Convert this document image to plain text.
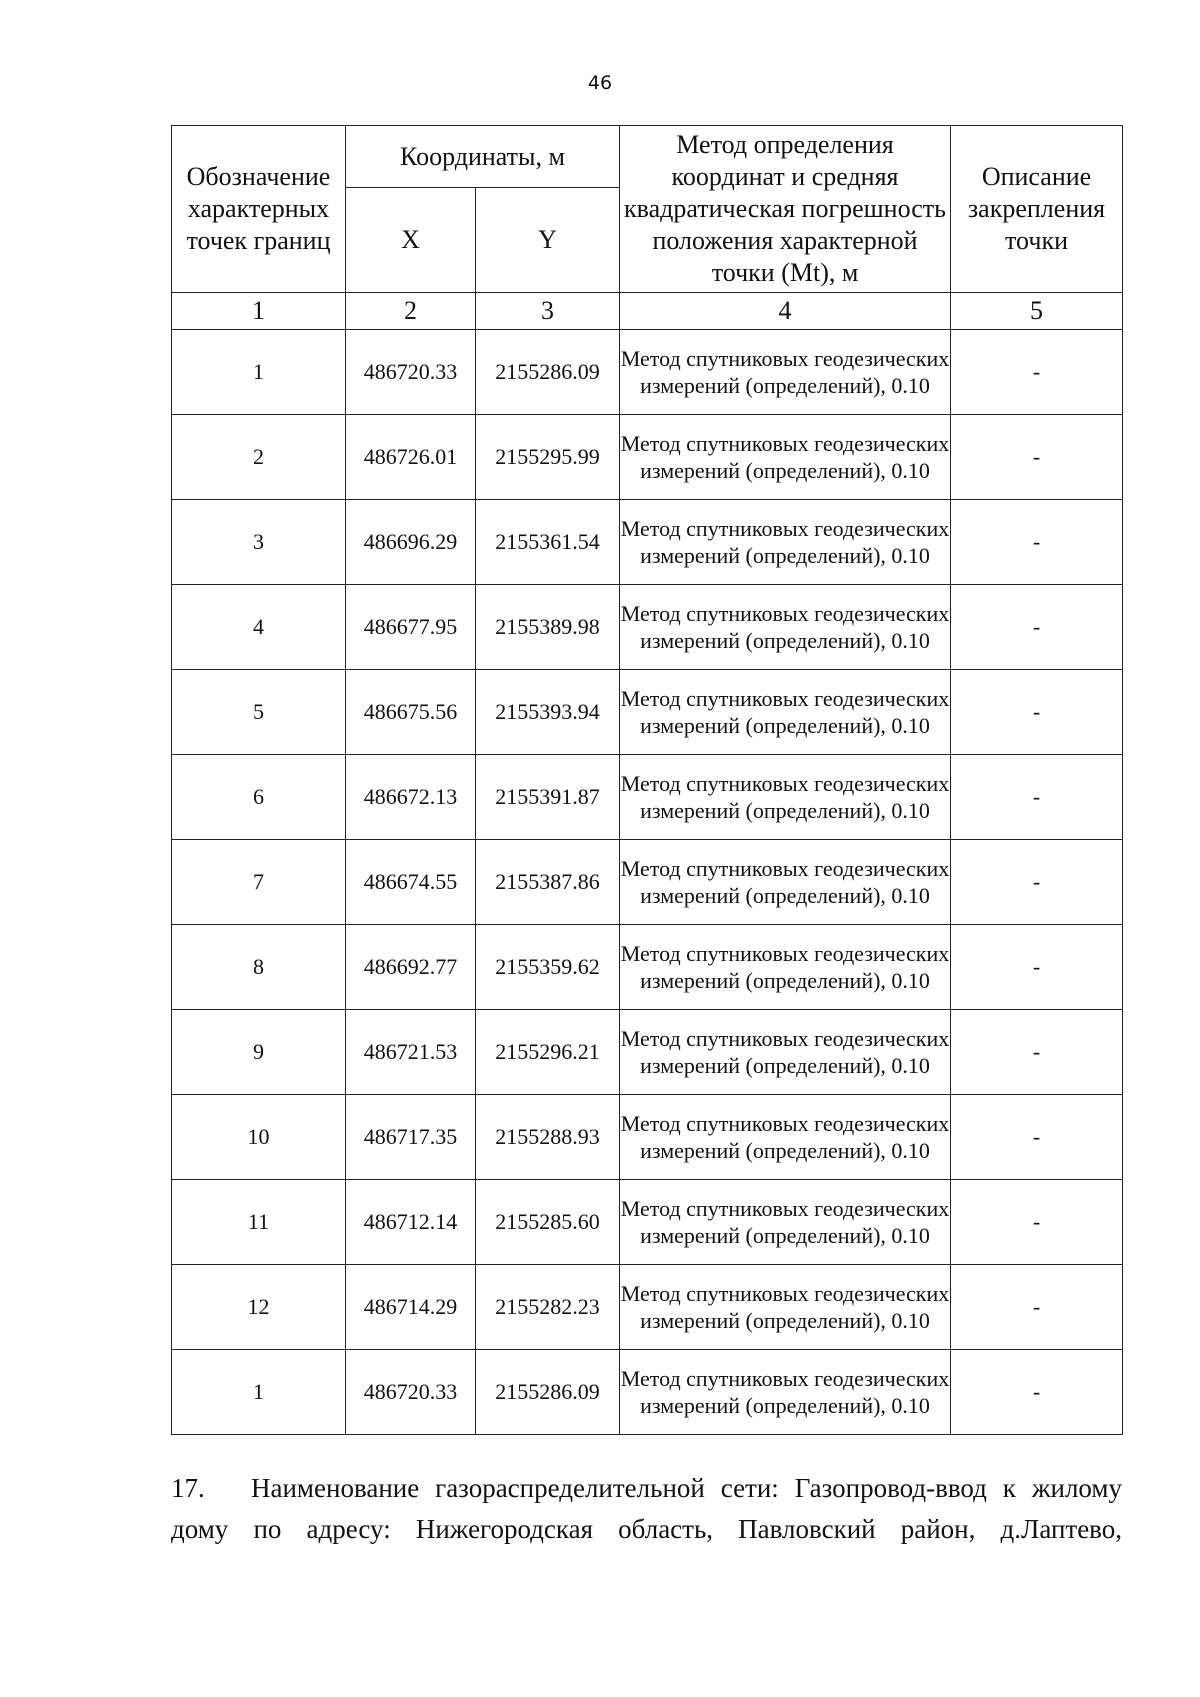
46
Обозначение характерных точек границ	Координаты, м		Метод определения координат и средняя квадратическая погрешность положения характерной точки (Mt), м	Описание закрепления точки
	X	Y		
1	2	3	4	5
1	486720.33	2155286.09	Метод спутниковых геодезических измерений (определений), 0.10	-
2	486726.01	2155295.99	Метод спутниковых геодезических измерений (определений), 0.10	-
3	486696.29	2155361.54	Метод спутниковых геодезических измерений (определений), 0.10	-
4	486677.95	2155389.98	Метод спутниковых геодезических измерений (определений), 0.10	-
5	486675.56	2155393.94	Метод спутниковых геодезических измерений (определений), 0.10	-
6	486672.13	2155391.87	Метод спутниковых геодезических измерений (определений), 0.10	-
7	486674.55	2155387.86	Метод спутниковых геодезических измерений (определений), 0.10	-
8	486692.77	2155359.62	Метод спутниковых геодезических измерений (определений), 0.10	-
9	486721.53	2155296.21	Метод спутниковых геодезических измерений (определений), 0.10	-
10	486717.35	2155288.93	Метод спутниковых геодезических измерений (определений), 0.10	-
11	486712.14	2155285.60	Метод спутниковых геодезических измерений (определений), 0.10	-
12	486714.29	2155282.23	Метод спутниковых геодезических измерений (определений), 0.10	-
1	486720.33	2155286.09	Метод спутниковых геодезических измерений (определений), 0.10	-
17. Наименование газораспределительной сети: Газопровод-ввод к жилому
дому по адресу: Нижегородская область, Павловский район, д.Лаптево,
